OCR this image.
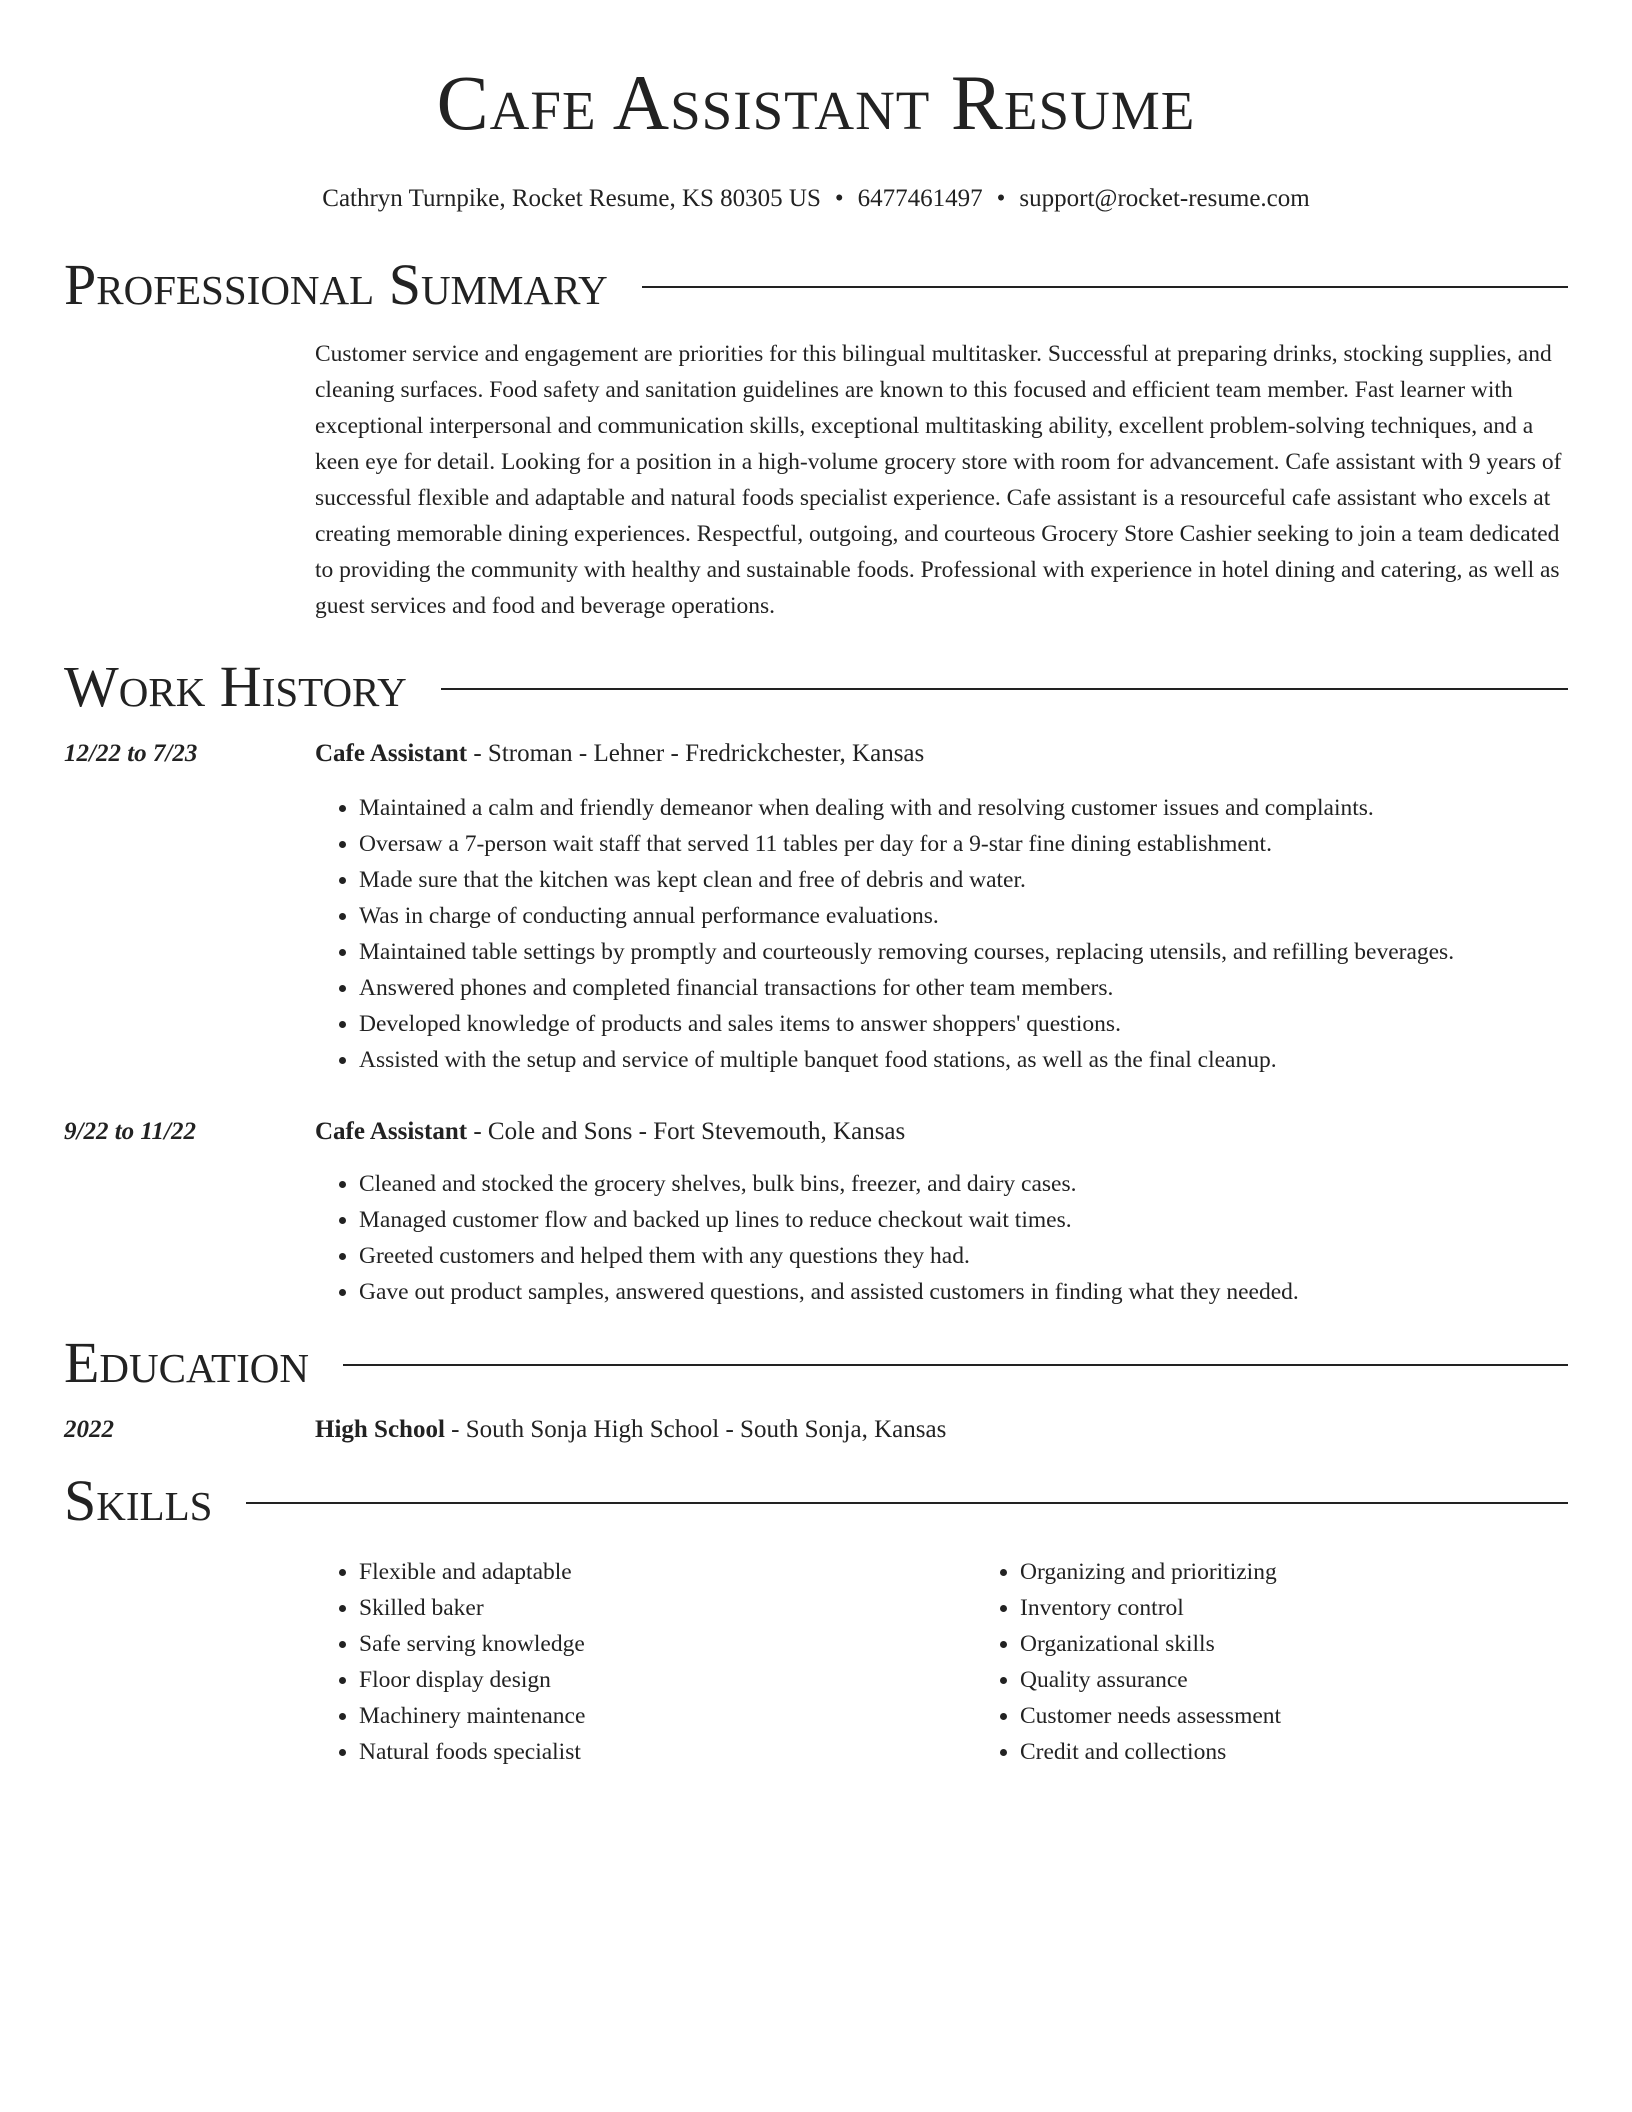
Cafe Assistant Resume
Cathryn Turnpike, Rocket Resume, KS 80305 US • 6477461497 • support@rocket-resume.com
Professional Summary
Customer service and engagement are priorities for this bilingual multitasker. Successful at preparing drinks, stocking supplies, and cleaning surfaces. Food safety and sanitation guidelines are known to this focused and efficient team member. Fast learner with exceptional interpersonal and communication skills, exceptional multitasking ability, excellent problem-solving techniques, and a keen eye for detail. Looking for a position in a high-volume grocery store with room for advancement. Cafe assistant with 9 years of successful flexible and adaptable and natural foods specialist experience. Cafe assistant is a resourceful cafe assistant who excels at creating memorable dining experiences. Respectful, outgoing, and courteous Grocery Store Cashier seeking to join a team dedicated to providing the community with healthy and sustainable foods. Professional with experience in hotel dining and catering, as well as guest services and food and beverage operations.
Work History
12/22 to 7/23	Cafe Assistant - Stroman - Lehner - Fredrickchester, Kansas
• Maintained a calm and friendly demeanor when dealing with and resolving customer issues and complaints.
• Oversaw a 7-person wait staff that served 11 tables per day for a 9-star fine dining establishment.
• Made sure that the kitchen was kept clean and free of debris and water.
• Was in charge of conducting annual performance evaluations.
• Maintained table settings by promptly and courteously removing courses, replacing utensils, and refilling beverages.
• Answered phones and completed financial transactions for other team members.
• Developed knowledge of products and sales items to answer shoppers' questions.
• Assisted with the setup and service of multiple banquet food stations, as well as the final cleanup.
9/22 to 11/22	Cafe Assistant - Cole and Sons - Fort Stevemouth, Kansas
• Cleaned and stocked the grocery shelves, bulk bins, freezer, and dairy cases.
• Managed customer flow and backed up lines to reduce checkout wait times.
• Greeted customers and helped them with any questions they had.
• Gave out product samples, answered questions, and assisted customers in finding what they needed.
Education
2022	High School - South Sonja High School - South Sonja, Kansas
Skills
• Flexible and adaptable
• Skilled baker
• Safe serving knowledge
• Floor display design
• Machinery maintenance
• Natural foods specialist
• Organizing and prioritizing
• Inventory control
• Organizational skills
• Quality assurance
• Customer needs assessment
• Credit and collections
